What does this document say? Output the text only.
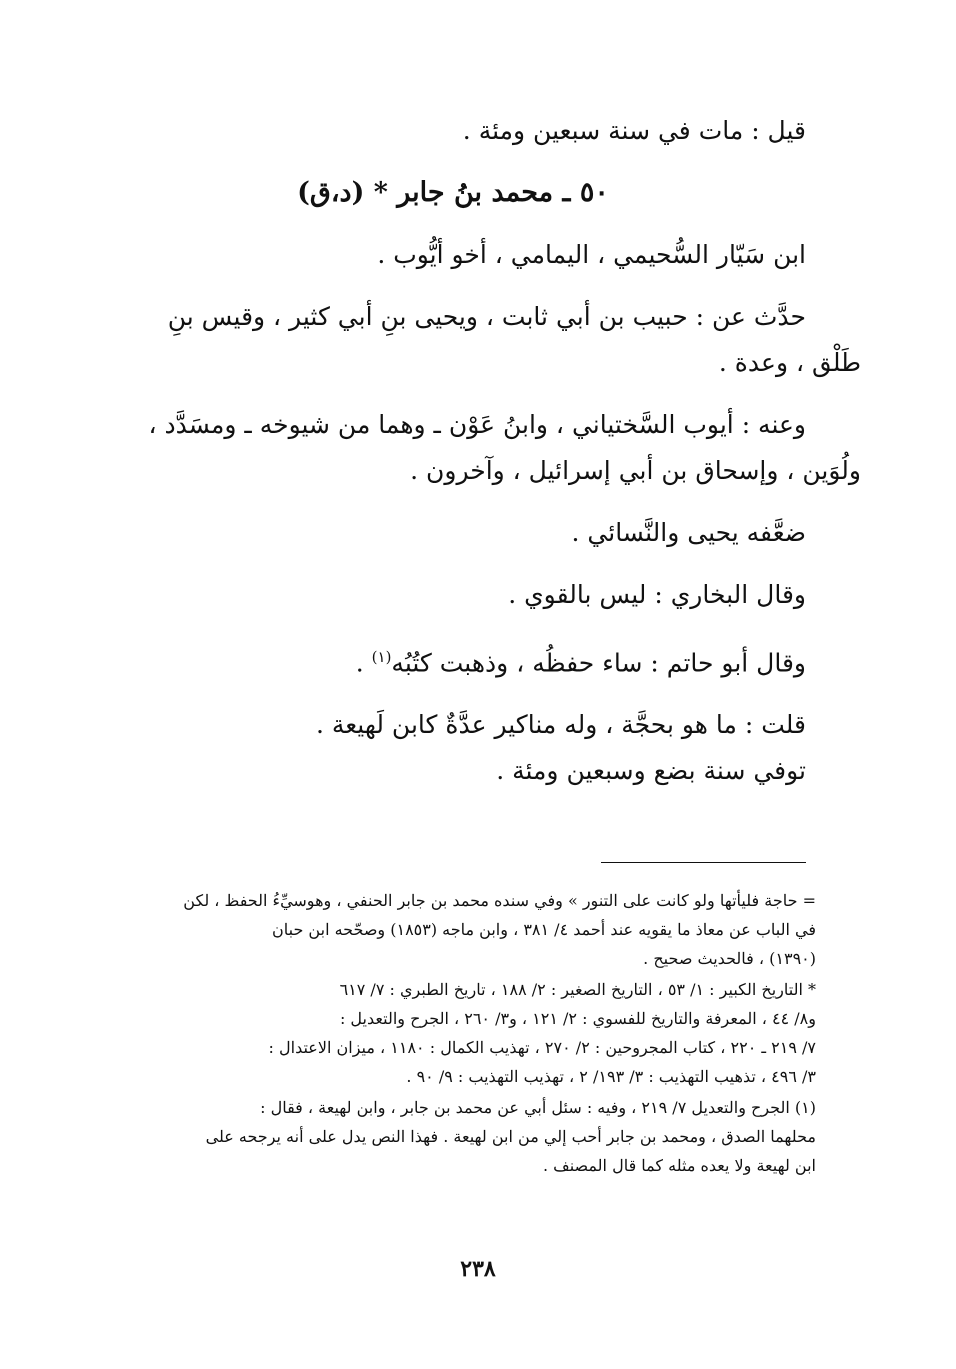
قيل : مات في سنة سبعين ومئة .

٥٠ ـ محمد بنُ جابر * (د،ق)

ابن سَيّار السُّحيمي ، اليمامي ، أخو أيُّوب .

حدَّث عن : حبيب بن أبي ثابت ، ويحيى بنِ أبي كثير ، وقيس بنِ

طَلْق ، وعدة .

وعنه : أيوب السَّختياني ، وابنُ عَوْن ـ وهما من شيوخه ـ ومسَدَّد ،

ولُوَين ، وإسحاق بن أبي إسرائيل ، وآخرون .

ضعَّفه يحيى والنَّسائي .

وقال البخاري : ليس بالقوي .

وقال أبو حاتم : ساء حفظُه ، وذهبت كتُبُه$^{(١)}$ .

قلت : ما هو بحجَّة ، وله مناكير عدَّةٌ كابن لَهيعة .

توفي سنة بضع وسبعين ومئة .

= حاجة فليأتها ولو كانت على التنور » وفي سنده محمد بن جابر الحنفي ، وهوسيِّءُ الحفظ ، لكن

في الباب عن معاذ ما يقويه عند أحمد ٤/ ٣٨١ ، وابن ماجه (١٨٥٣) وصحّحه ابن حبان

(١٣٩٠) ، فالحديث صحيح .

* التاريخ الكبير : ١/ ٥٣ ، التاريخ الصغير : ٢/ ١٨٨ ، تاريخ الطبري : ٧/ ٦١٧

و٨/ ٤٤ ، المعرفة والتاريخ للفسوي : ٢/ ١٢١ ، و٣/ ٢٦٠ ، الجرح والتعديل :

٧/ ٢١٩ ـ ٢٢٠ ، كتاب المجروحين : ٢/ ٢٧٠ ، تهذيب الكمال : ١١٨٠ ، ميزان الاعتدال :

٣/ ٤٩٦ ، تذهيب التهذيب : ٣/ ١٩٣/ ٢ ، تهذيب التهذيب : ٩/ ٩٠ .

(١) الجرح والتعديل ٧/ ٢١٩ ، وفيه : سئل أبي عن محمد بن جابر ، وابن لهيعة ، فقال :

محلهما الصدق ، ومحمد بن جابر أحب إلي من ابن لهيعة . فهذا النص يدل على أنه يرجحه على

ابن لهيعة ولا يعده مثله كما قال المصنف .

٢٣٨
